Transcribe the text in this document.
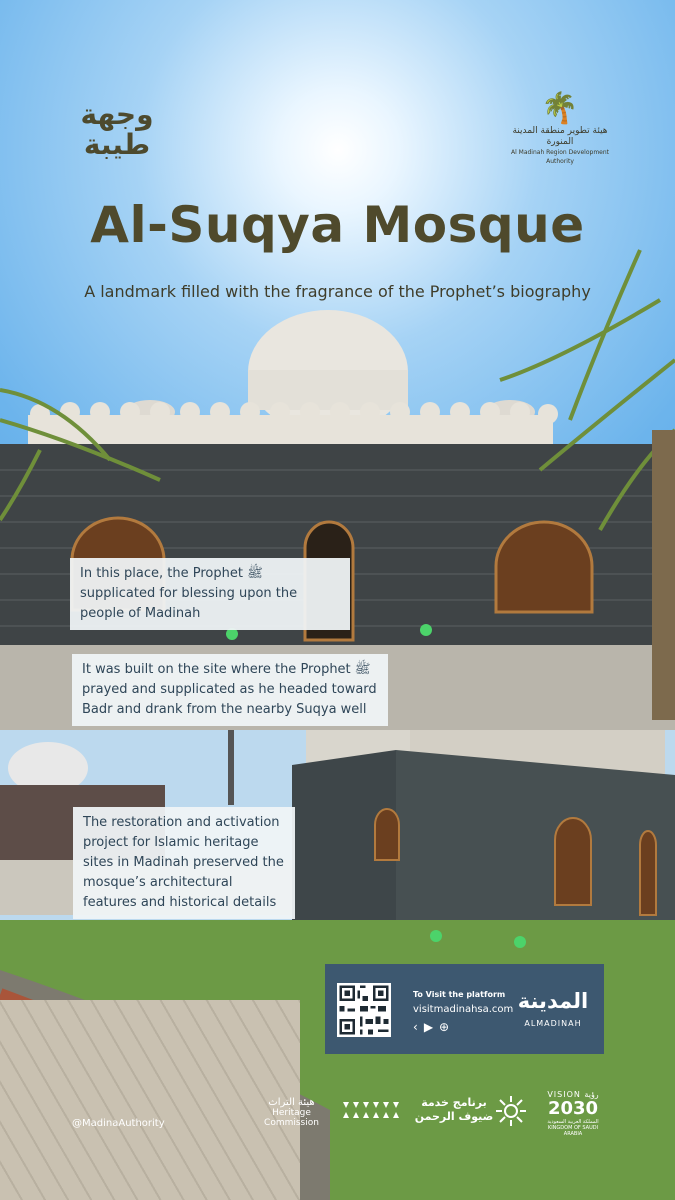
وجهة
طيبة
🌴
هيئة تطوير منطقة المدينة المنورة
Al Madinah Region Development Authority
Al-Suqya Mosque
A landmark filled with the fragrance of the Prophet’s biography
In this place, the Prophet ﷺ supplicated for blessing upon the people of Madinah
It was built on the site where the Prophet ﷺ prayed and supplicated as he headed toward Badr and drank from the nearby Suqya well
The restoration and activation project for Islamic heritage sites in Madinah preserved the mosque’s architectural features and historical details
To Visit the platform
visitmadinahsa.com
‹▶⊕
المدينة
ALMADINAH
@MadinaAuthority
هيئة التراث
Heritage Commission
برنامج خدمة
ضيوف الرحمن
VISION رؤية
2030
المملكة العربية السعودية KINGDOM OF SAUDI ARABIA
